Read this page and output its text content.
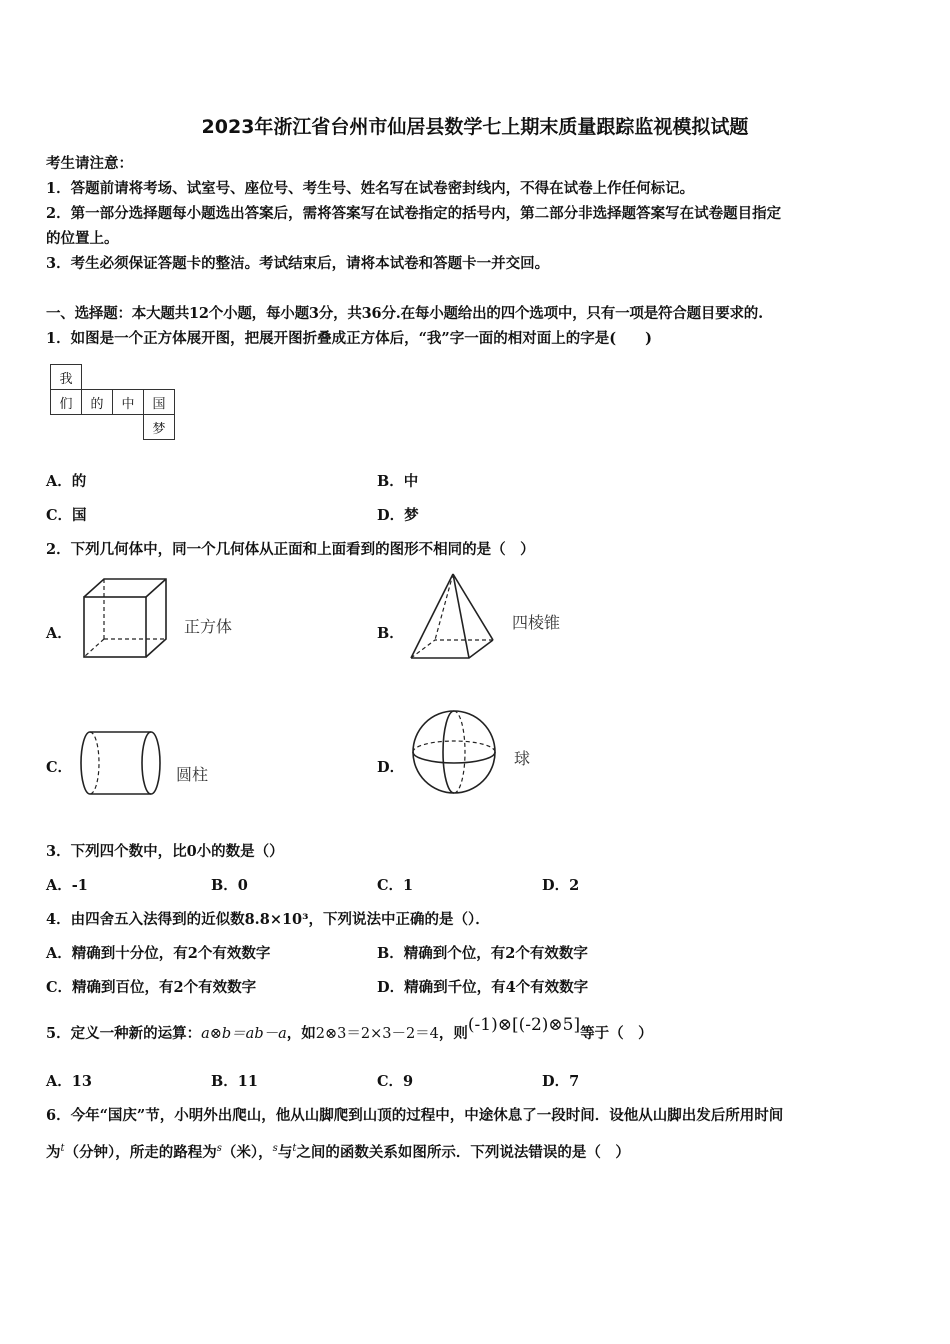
2023年浙江省台州市仙居县数学七上期末质量跟踪监视模拟试题
考生请注意：
1．答题前请将考场、试室号、座位号、考生号、姓名写在试卷密封线内，不得在试卷上作任何标记。
2．第一部分选择题每小题选出答案后，需将答案写在试卷指定的括号内，第二部分非选择题答案写在试卷题目指定
的位置上。
3．考生必须保证答题卡的整洁。考试结束后，请将本试卷和答题卡一并交回。
一、选择题：本大题共12个小题，每小题3分，共36分.在每小题给出的四个选项中，只有一项是符合题目要求的.
1．如图是一个正方体展开图，把展开图折叠成正方体后，“我”字一面的相对面上的字是(　　)
我			
们	的	中	国
			梦
A．的	B．中
C．国	D．梦
2．下列几何体中，同一个几何体从正面和上面看到的图形不相同的是（　）
A．	正方体	B．
四棱锥
C．	圆柱	D．	球
3．下列四个数中，比0小的数是（）
A．-1	B．0	C．1	D．2
4．由四舍五入法得到的近似数8.8×10³，下列说法中正确的是（）．
A．精确到十分位，有2个有效数字	B．精确到个位，有2个有效数字
C．精确到百位，有2个有效数字	D．精确到千位，有4个有效数字
5．定义一种新的运算：a⊗b＝ab－a，如2⊗3＝2×3－2＝4，则(-1)⊗[(-2)⊗5]等于（　）
A．13	B．11	C．9	D．7
6．今年“国庆”节，小明外出爬山，他从山脚爬到山顶的过程中，中途休息了一段时间．设他从山脚出发后所用时间
为$^t$（分钟），所走的路程为$^s$（米），$^s$与$^t$之间的函数关系如图所示．下列说法错误的是（　）
